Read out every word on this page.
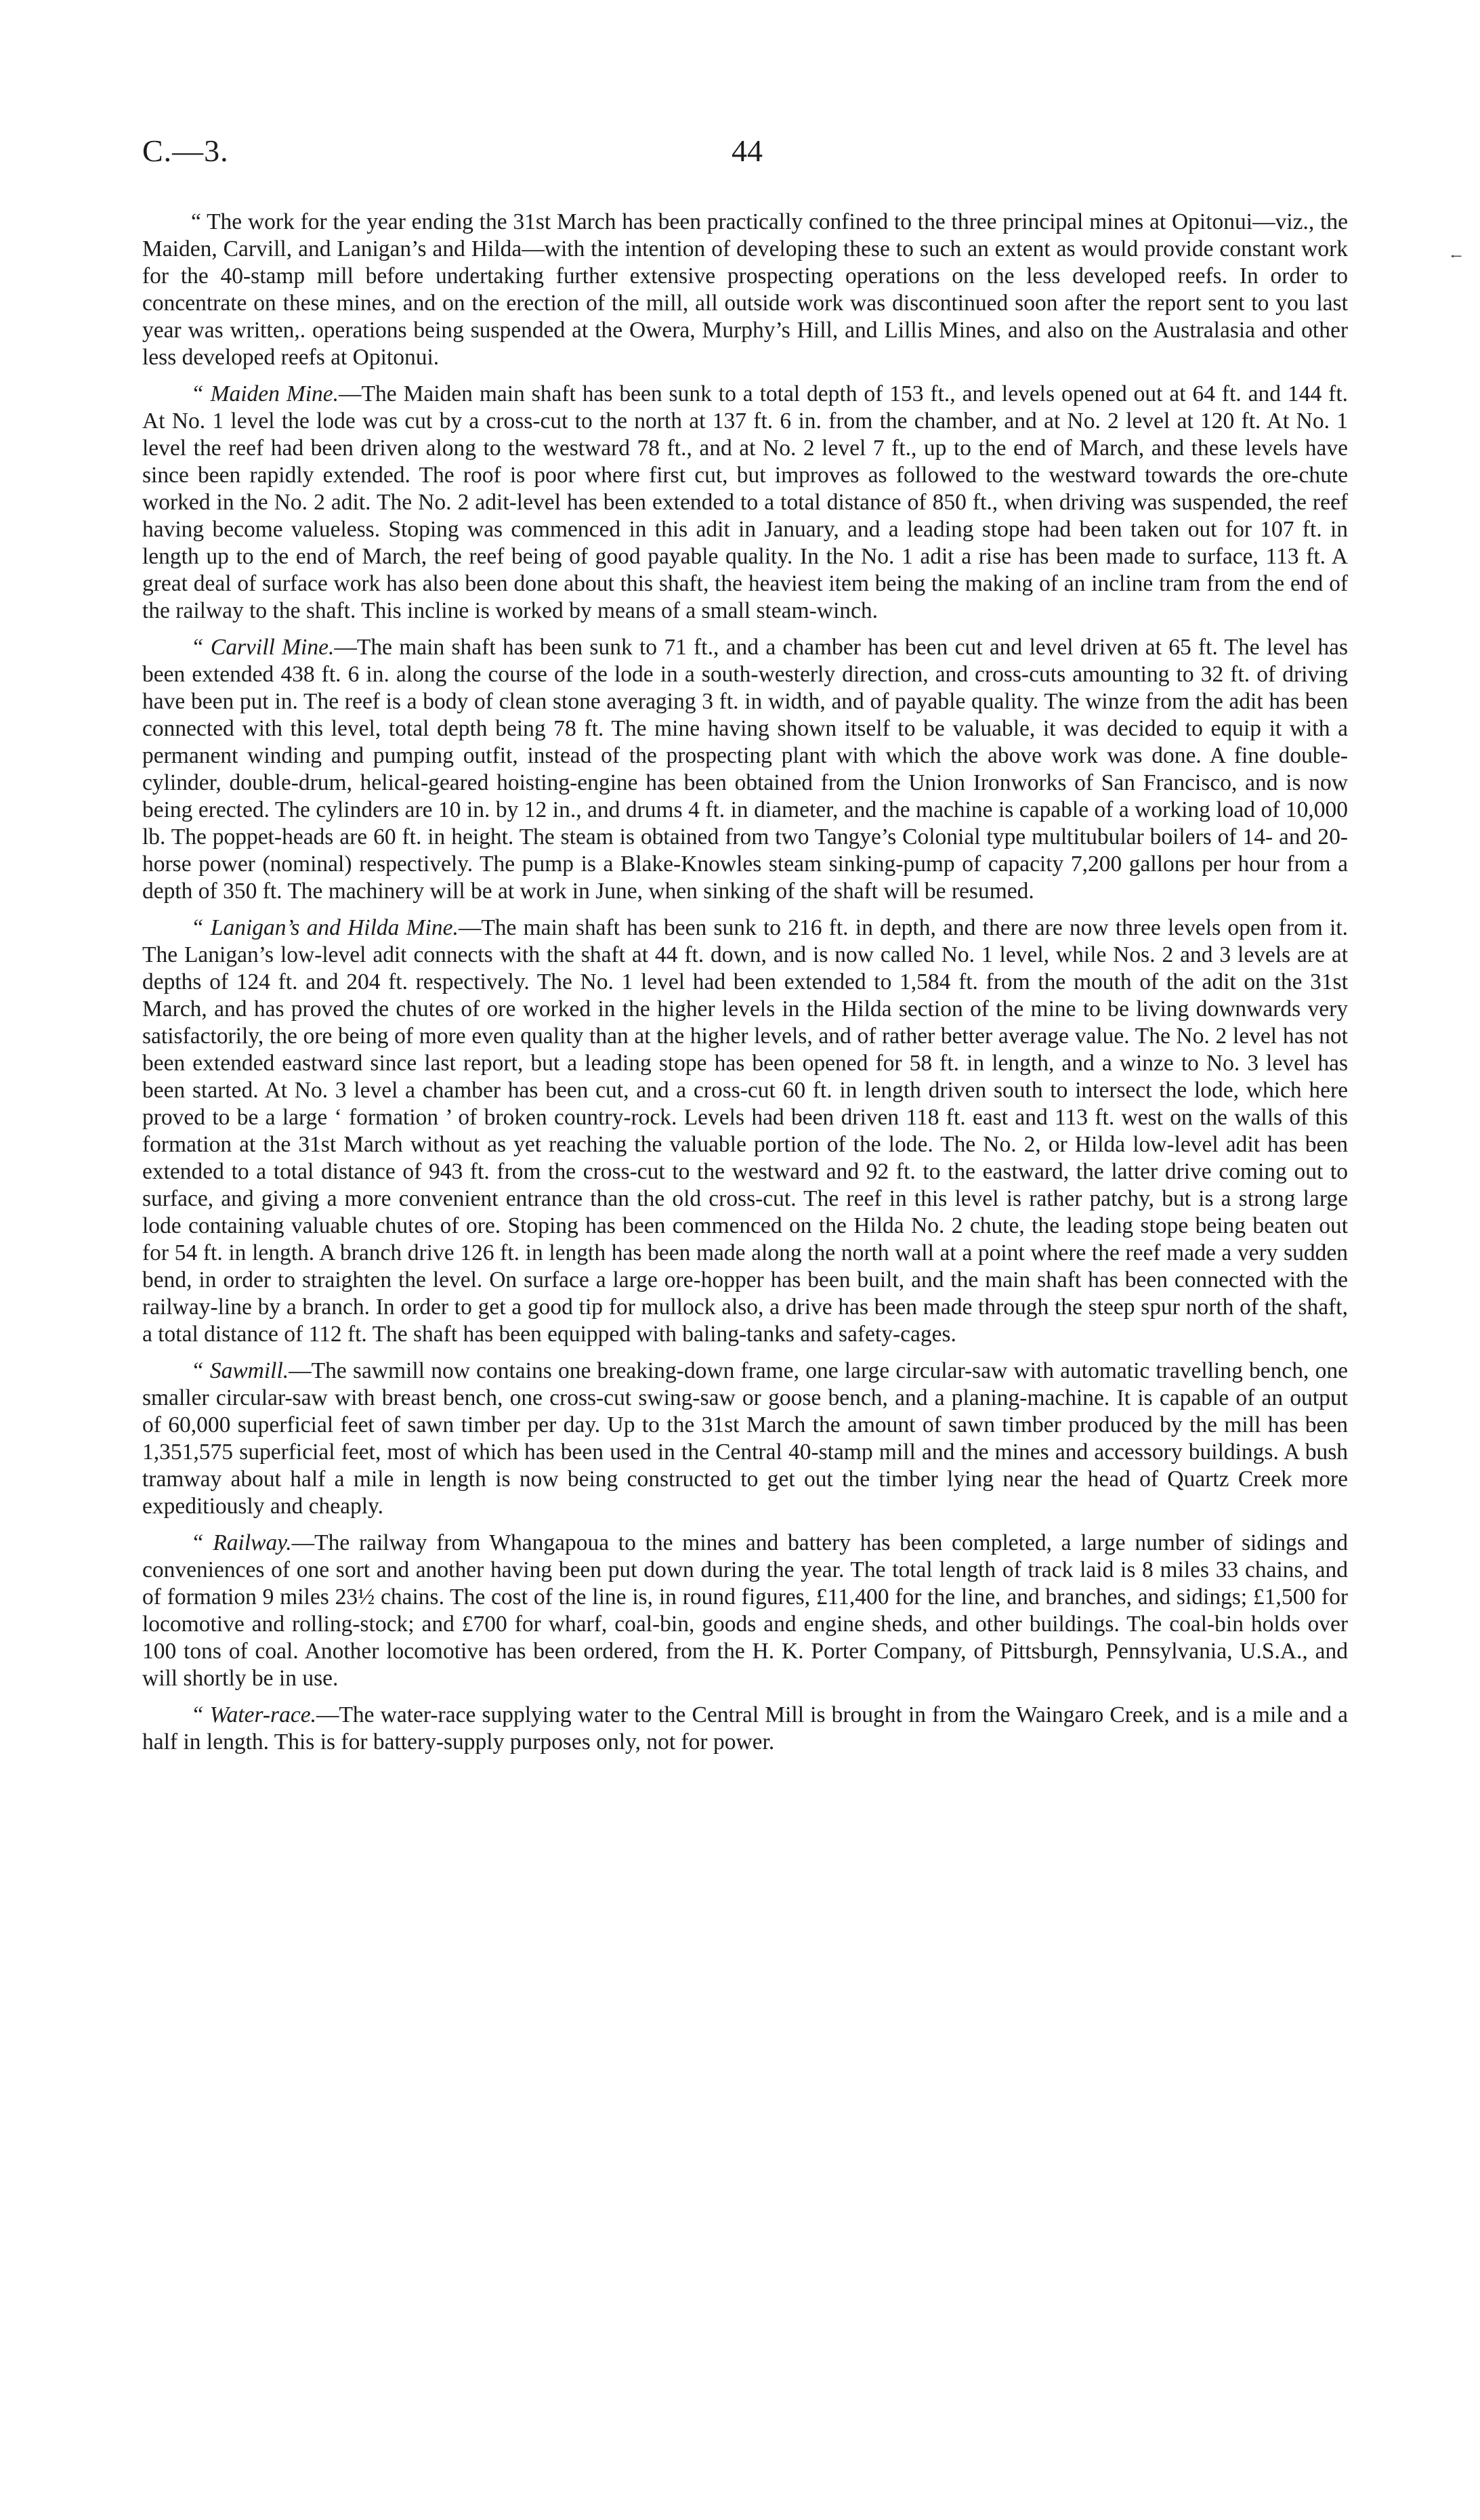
C.—3.	44
·̶

“ The work for the year ending the 31st March has been practically confined to the three principal mines at Opitonui—viz., the Maiden, Carvill, and Lanigan’s and Hilda—with the intention of developing these to such an extent as would provide constant work for the 40-stamp mill before undertaking further extensive prospecting operations on the less developed reefs. In order to concentrate on these mines, and on the erection of the mill, all outside work was discontinued soon after the report sent to you last year was written,. operations being suspended at the Owera, Murphy’s Hill, and Lillis Mines, and also on the Australasia and other less developed reefs at Opitonui.

“ Maiden Mine.—The Maiden main shaft has been sunk to a total depth of 153 ft., and levels opened out at 64 ft. and 144 ft. At No. 1 level the lode was cut by a cross-cut to the north at 137 ft. 6 in. from the chamber, and at No. 2 level at 120 ft. At No. 1 level the reef had been driven along to the westward 78 ft., and at No. 2 level 7 ft., up to the end of March, and these levels have since been rapidly extended. The roof is poor where first cut, but improves as followed to the westward towards the ore-chute worked in the No. 2 adit. The No. 2 adit-level has been extended to a total distance of 850 ft., when driving was suspended, the reef having become valueless. Stoping was commenced in this adit in January, and a leading stope had been taken out for 107 ft. in length up to the end of March, the reef being of good payable quality. In the No. 1 adit a rise has been made to surface, 113 ft. A great deal of surface work has also been done about this shaft, the heaviest item being the making of an incline tram from the end of the railway to the shaft. This incline is worked by means of a small steam-winch.

“ Carvill Mine.—The main shaft has been sunk to 71 ft., and a chamber has been cut and level driven at 65 ft. The level has been extended 438 ft. 6 in. along the course of the lode in a south-westerly direction, and cross-cuts amounting to 32 ft. of driving have been put in. The reef is a body of clean stone averaging 3 ft. in width, and of payable quality. The winze from the adit has been connected with this level, total depth being 78 ft. The mine having shown itself to be valuable, it was decided to equip it with a permanent winding and pumping outfit, instead of the prospecting plant with which the above work was done. A fine double-cylinder, double-drum, helical-geared hoisting-engine has been obtained from the Union Ironworks of San Francisco, and is now being erected. The cylinders are 10 in. by 12 in., and drums 4 ft. in diameter, and the machine is capable of a working load of 10,000 lb. The poppet-heads are 60 ft. in height. The steam is obtained from two Tangye’s Colonial type multitubular boilers of 14- and 20-horse power (nominal) respectively. The pump is a Blake-Knowles steam sinking-pump of capacity 7,200 gallons per hour from a depth of 350 ft. The machinery will be at work in June, when sinking of the shaft will be resumed.

“ Lanigan’s and Hilda Mine.—The main shaft has been sunk to 216 ft. in depth, and there are now three levels open from it. The Lanigan’s low-level adit connects with the shaft at 44 ft. down, and is now called No. 1 level, while Nos. 2 and 3 levels are at depths of 124 ft. and 204 ft. respectively. The No. 1 level had been extended to 1,584 ft. from the mouth of the adit on the 31st March, and has proved the chutes of ore worked in the higher levels in the Hilda section of the mine to be living downwards very satisfactorily, the ore being of more even quality than at the higher levels, and of rather better average value. The No. 2 level has not been extended eastward since last report, but a leading stope has been opened for 58 ft. in length, and a winze to No. 3 level has been started. At No. 3 level a chamber has been cut, and a cross-cut 60 ft. in length driven south to intersect the lode, which here proved to be a large ‘ formation ’ of broken country-rock. Levels had been driven 118 ft. east and 113 ft. west on the walls of this formation at the 31st March without as yet reaching the valuable portion of the lode. The No. 2, or Hilda low-level adit has been extended to a total distance of 943 ft. from the cross-cut to the westward and 92 ft. to the eastward, the latter drive coming out to surface, and giving a more convenient entrance than the old cross-cut. The reef in this level is rather patchy, but is a strong large lode containing valuable chutes of ore. Stoping has been commenced on the Hilda No. 2 chute, the leading stope being beaten out for 54 ft. in length. A branch drive 126 ft. in length has been made along the north wall at a point where the reef made a very sudden bend, in order to straighten the level. On surface a large ore-hopper has been built, and the main shaft has been connected with the railway-line by a branch. In order to get a good tip for mullock also, a drive has been made through the steep spur north of the shaft, a total distance of 112 ft. The shaft has been equipped with baling-tanks and safety-cages.

“ Sawmill.—The sawmill now contains one breaking-down frame, one large circular-saw with automatic travelling bench, one smaller circular-saw with breast bench, one cross-cut swing-saw or goose bench, and a planing-machine. It is capable of an output of 60,000 superficial feet of sawn timber per day. Up to the 31st March the amount of sawn timber produced by the mill has been 1,351,575 superficial feet, most of which has been used in the Central 40-stamp mill and the mines and accessory buildings. A bush tramway about half a mile in length is now being constructed to get out the timber lying near the head of Quartz Creek more expeditiously and cheaply.

“ Railway.—The railway from Whangapoua to the mines and battery has been completed, a large number of sidings and conveniences of one sort and another having been put down during the year. The total length of track laid is 8 miles 33 chains, and of formation 9 miles 23½ chains. The cost of the line is, in round figures, £11,400 for the line, and branches, and sidings; £1,500 for locomotive and rolling-stock; and £700 for wharf, coal-bin, goods and engine sheds, and other buildings. The coal-bin holds over 100 tons of coal. Another locomotive has been ordered, from the H. K. Porter Company, of Pittsburgh, Pennsylvania, U.S.A., and will shortly be in use.

“ Water-race.—The water-race supplying water to the Central Mill is brought in from the Waingaro Creek, and is a mile and a half in length. This is for battery-supply purposes only, not for power.
